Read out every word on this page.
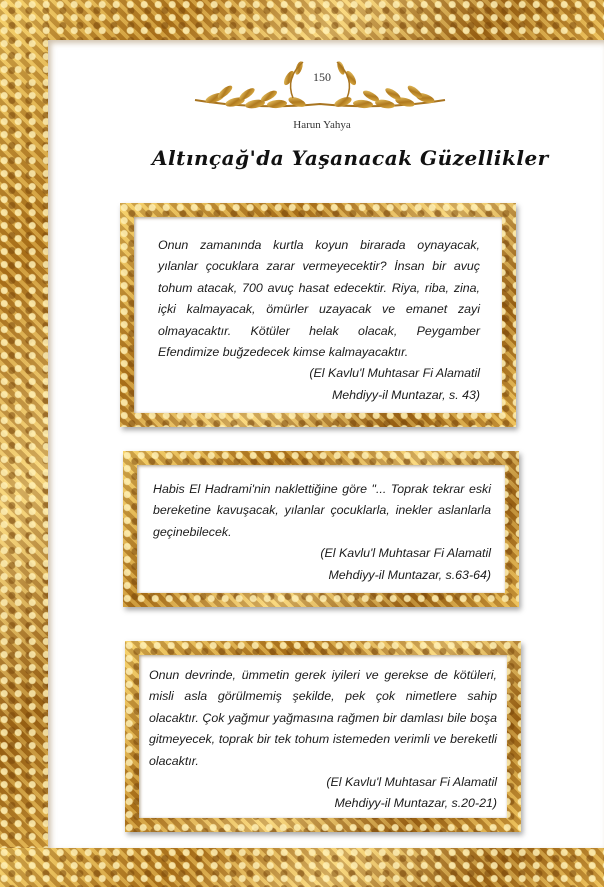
150
Harun Yahya
Altınçağ'da Yaşanacak Güzellikler

Onun zamanında kurtla koyun birarada oynayacak, yılanlar çocuklara zarar vermeyecektir? İnsan bir avuç tohum atacak, 700 avuç hasat edecektir. Riya, riba, zina, içki kalmayacak, ömürler uzayacak ve emanet zayi olmayacaktır. Kötüler helak olacak, Peygamber Efendimize buğzedecek kimse kalmayacaktır.

(El Kavlu'l Muhtasar Fi Alamatil
Mehdiyy-il Muntazar, s. 43)

Habis El Hadrami'nin naklettiğine göre "... Toprak tekrar eski bereketine kavuşacak, yılanlar çocuklarla, inekler aslanlarla geçinebilecek.

(El Kavlu'l Muhtasar Fi Alamatil
Mehdiyy-il Muntazar, s.63-64)

Onun devrinde, ümmetin gerek iyileri ve gerekse de kötüleri, misli asla görülmemiş şekilde, pek çok nimetlere sahip olacaktır. Çok yağmur yağmasına rağmen bir damlası bile boşa gitmeyecek, toprak bir tek tohum istemeden verimli ve bereketli olacaktır.

(El Kavlu'l Muhtasar Fi Alamatil
Mehdiyy-il Muntazar, s.20-21)
